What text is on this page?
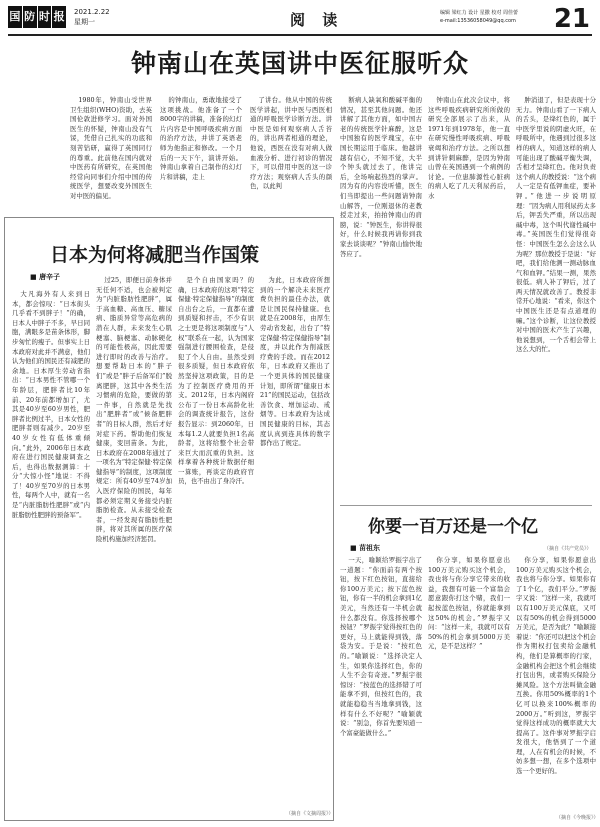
国 防 时 报 2021.2.22
星期一	阅 读	编辑 梁红力 设计 星撒 校对 周佳蕾
e-mail:13536058049@qq.com	21
钟南山在英国讲中医征服听众

1980年，钟南山受世界卫生组织(WHO)资助，去英国伦敦进修学习。面对外国医生的怀疑，钟南山没有气馁，凭借自己扎实的功底和刻苦钻研，赢得了英国同行的尊重。此前他在国内就对中医药有所研究，在英国他经常向同事们介绍中国的传统医学，想要改变外国医生对中医的偏见。

的钟南山，勇敢地接受了这项挑战。他准备了一个8000字的讲稿，准备的幻灯片内容是中国呼吸疾病方面的治疗方法，并讲了英语老师为他指正和修改。一个月后的一天下午，演讲开始。钟南山拿着自己制作的幻灯片和讲稿，走上

了讲台。他从中国的传统医学讲起，讲中医与西医相通的呼吸医学诊断方法。讲中医是如何观察病人舌苔的，讲出两者相通的理论，他说，西医在没有对病人做血液分析、进行初诊的情况下，可以借用中医的这一诊疗方法；观察病人舌头的颜色，以此判

断病人缺氧和酸碱平衡的情况，甚至其他问题。他还讲解了其他方面，如中国古老的传统医学针麻醉，这是中国独有的医学瑰宝，在中国长期运用于临床。他越讲越有信心，不知不觉，大半个钟头就过去了，他讲完后，全场响起热烈的掌声。因为有的内容没听懂，医生们当即提出一些问题请钟南山解答，一位刚退休的老教授走过来，拍拍钟南山的肩膀，说：“钟医生，你讲得很好，什么时候我再请你到我家去谈谈呢？”钟南山愉快地答应了。

钟南山在此次会议中，将这些呼吸疾病研究所所做的研究全部展示了出来，从1971年到1978年，他一直在研究慢性呼吸疾病、呼吸衰竭和治疗方法。之所以想到讲针刺麻醉，是因为钟南山曾在英国遇到一个病例的讨论。一位患肺源性心脏病的病人吃了几天利尿药后，水

肿消退了，但是表现十分无力。钟南山看了一下病人的舌头，是绛红色的，属于中医学里说的阴虚火旺，在呼吸所中，他遇到过很多这样的病人，知道这样的病人可能出现了酸碱平衡失调，舌相才呈绛红色。他对负责这个病人的教授说：“这个病人一定是有低钾血症，要补钾。”他进一步说明原理：“因为病人用利尿药太多后，钾丢失严重，所以出现碱中毒，这个叫代谢性碱中毒。”英国医生们觉得很奇怪：中国医生怎么会这么认为呢？那位教授于是说：“好吧，我们给他测一测动脉血气和血钾。”结果一测，果然很低。病人补了钾后，过了两天情况就改善了。教授非常开心地说：“看来，你这个中国医生还是有点道理的嘛。”这个诊断，让这位教授对中国的医术产生了兴趣，他说想到，一个舌相会带上这么大的忙。

（摘自《共产党员》）
日本为何将减肥当作国策
■ 唐辛子

大凡海外有人来到日本，都会惊叹：“日本街头几乎看不到胖子！”的确，日本人中胖子不多，早日同胞，满眼多是苗条体形，脚步匆忙的瘦子。但事实上日本政府对此并不满意，他们认为他们的国民还有减肥的余地。日本厚生劳动省指出：“日本男性不管哪一个年龄层，肥胖者比10年前、20年前都增加了，尤其是40岁至60岁男性，肥胖者比例过半，日本女性的肥胖者则有减少。20岁至40岁女性有低体重倾向。”此外，2006年日本政府在进行国民健康调查之后，也得出数据测算：十分“大惊小怪”地说：不得了！40岁至70岁的日本男性，每两个人中，就有一名是“内脏脂肪性肥胖”或“内脏脂肪性肥胖的预备军”。

过25，即便日前身体并无任何不适，也会被判定为“内脏脂肪性肥胖”，属于高血糖、高血压、糖尿病、脂质异常等高危病的潜在人群，未来发生心肌梗塞、脑梗塞、动脉硬化的可能性极高，因此需要进行即时的改善与治疗。想要帮助日本的“胖子们”或是“胖子后备军们”脱离肥胖，这其中各类生活习惯病的危险，要做的第一件事，自然就是先找出“肥胖者”或“候备肥胖者”的目标人群，然后才好对症下药。帮助他们恢复健康，变回苗条。为此，日本政府在2008年通过了一项名为“特定保健·特定保健指导”的制度，这项制度规定：所有40岁至74岁加入医疗保险的国民，每年都必须定期义务接受内脏脂肪检查。从未接受检查者，一经发现有脂肪性肥胖，将对其所属的医疗保险机构施加经济惩罚。

是个自由国家吗？的确，日本政府的这项“特定保健·特定保健指导”的制度自出台之后，一直都在遭到质疑和抨击，不少有识之士更是将这项制度与“人权”联系在一起，认为国家强制进行腰围检查，是侵犯了个人自由。虽然受到很多质疑，但日本政府依然坚持这项政策，目的是为了控制医疗费用的开支。2012年，日本内阁府公布了一份日本高龄化社会的调查统计报告，这份报告显示：到2060年，日本每1.2人就要负担1名高龄者，这将给整个社会带来巨大而沉重的负担。这样拿着各种统计数据仔细一算账，再谈定的政府官员，也不由出了身冷汗。

为此，日本政府所想到的一个解决未来医疗费负担的最佳办法，就是让国民保持健康。也就是在2008年，由厚生劳动省发起，出台了“特定保健·特定保健指导”制度，并以此作为削减医疗费的手段。而在2012年，日本政府又推出了一个更具体的国民健康计划，即所谓“健康日本21”的国民运动，包括改善饮食、增加运动、戒烟等。日本政府为达成国民健康的目标，其态度认真到连具体的数字都作出了规定。

（摘自《文摘周报》）
你要一百万还是一个亿
■ 苗祖东

一天，喻颖给罗振宇出了一道题：“你面前有两个按钮，按下红色按钮，直接给你100万美元；按下蓝色按钮，你有一半的机会拿到1亿美元，当然还有一半机会就什么都没有。你选择按哪个按钮？”罗振宇觉得按红色的更好，马上就能得到钱，落袋为安。于是说：“按红色的。”喻颖说：“选择决定人生，如果你选择红色，你的人生不会有奇迹。”罗振宇很惊讶：“按蓝色的选择错了可能拿不到，但按红色的，我就能稳稳当当地拿到钱，这样有什么不好呢？”喻颖就说：“别急，你首先要知道一个富豪能做什么。”

你分享，如果你愿意出100万美元购买这个机会，我也将与你分享它带来的收益，我想有可能一个富翁会愿意跟你打这个赌，我们一起按蓝色按钮，你就能拿到这50%的机会。”罗振宇又问：“这样一来，我就可以有50%的机会拿到5000万美元，是不是这样？”

你分享，如果你愿意出100万美元购买这个机会，我也将与你分享。如果你有了1个亿，我们平分。”罗振宇又说：“这样一来，我就可以有100万美元保底，又可以有50%的机会得到5000万美元，是否为此？”喻颖接着说：“你还可以把这个机会作为期权打包卖给金融机构，他们是算概率的行家，金融机构会把这个机会继续打包出售，或者购买保险分摊风险。这个方法叫做金融互换。你用50%概率的1个亿可以换来100%概率的2000万。”听到这，罗振宇觉得这样成功的概率就大大提高了。这件事对罗振宇启发很大，他悟到了一个道理，人在有机会的时候，不妨多想一想，在多个选项中选一个更好的。

（摘自《今晚报》）
